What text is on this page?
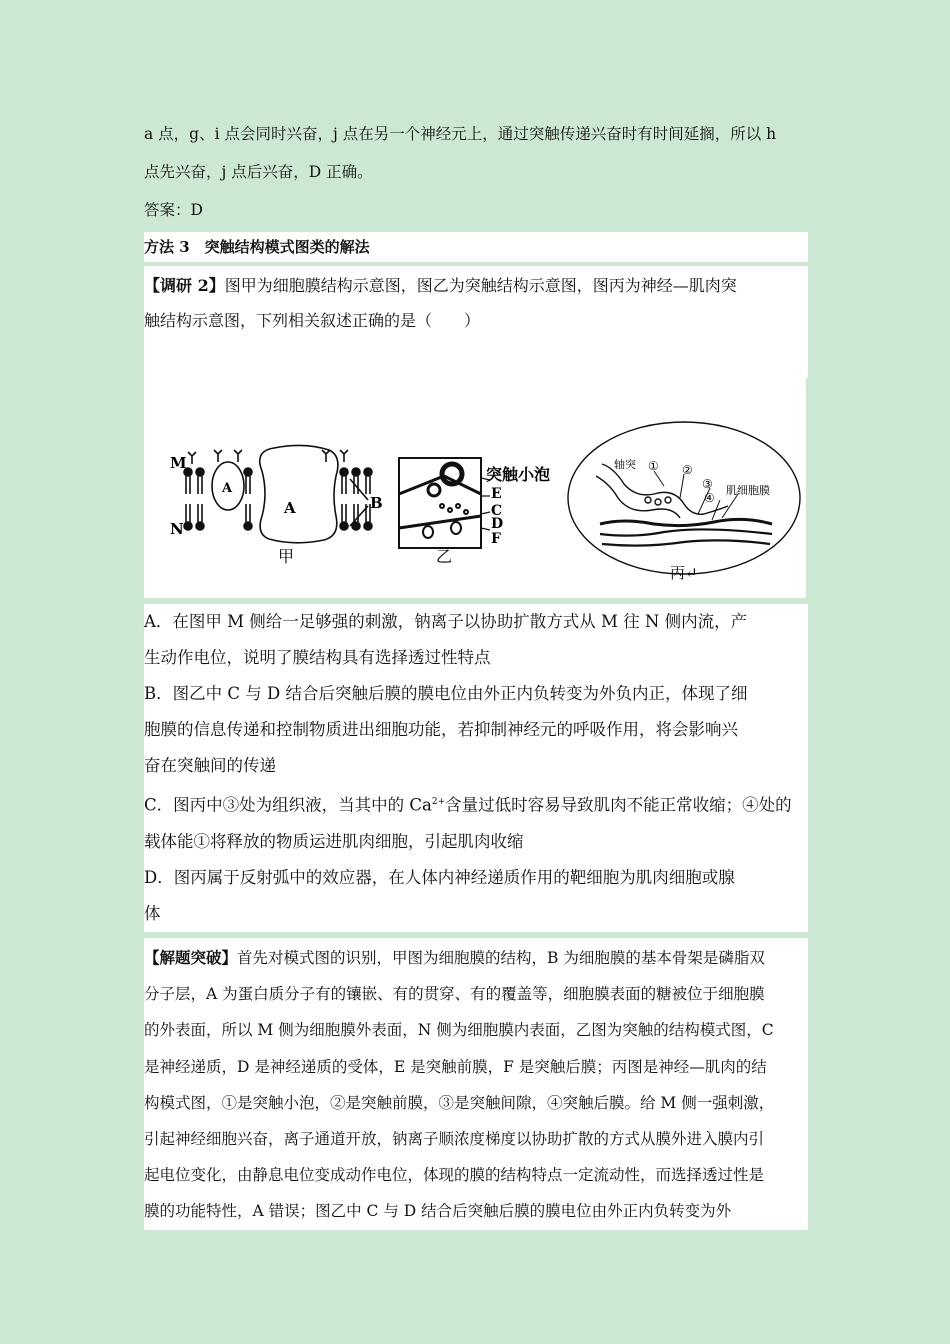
a 点，g、i 点会同时兴奋，j 点在另一个神经元上，通过突触传递兴奋时有时间延搁，所以 h
点先兴奋，j 点后兴奋，D 正确。
答案：D
方法 3　突触结构模式图类的解法
【调研 2】图甲为细胞膜结构示意图，图乙为突触结构示意图，图丙为神经—肌肉突
触结构示意图，下列相关叙述正确的是（　　）
M
N
A
A	B
甲
突触小泡
E
C
D
F
乙
轴突 ① ②
③
④
肌细胞膜
丙↵
A．在图甲 M 侧给一足够强的刺激，钠离子以协助扩散方式从 M 往 N 侧内流，产
生动作电位，说明了膜结构具有选择透过性特点
B．图乙中 C 与 D 结合后突触后膜的膜电位由外正内负转变为外负内正，体现了细
胞膜的信息传递和控制物质进出细胞功能，若抑制神经元的呼吸作用，将会影响兴
奋在突触间的传递
C．图丙中③处为组织液，当其中的 $Ca^{2+}$含量过低时容易导致肌肉不能正常收缩；④处的
载体能①将释放的物质运进肌肉细胞，引起肌肉收缩
D．图丙属于反射弧中的效应器，在人体内神经递质作用的靶细胞为肌肉细胞或腺
体
【解题突破】首先对模式图的识别，甲图为细胞膜的结构，B 为细胞膜的基本骨架是磷脂双
分子层，A 为蛋白质分子有的镶嵌、有的贯穿、有的覆盖等，细胞膜表面的糖被位于细胞膜
的外表面，所以 M 侧为细胞膜外表面，N 侧为细胞膜内表面，乙图为突触的结构模式图，C
是神经递质，D 是神经递质的受体，E 是突触前膜，F 是突触后膜；丙图是神经—肌肉的结
构模式图，①是突触小泡，②是突触前膜，③是突触间隙，④突触后膜。给 M 侧一强刺激，
引起神经细胞兴奋，离子通道开放，钠离子顺浓度梯度以协助扩散的方式从膜外进入膜内引
起电位变化，由静息电位变成动作电位，体现的膜的结构特点一定流动性，而选择透过性是
膜的功能特性，A 错误；图乙中 C 与 D 结合后突触后膜的膜电位由外正内负转变为外
